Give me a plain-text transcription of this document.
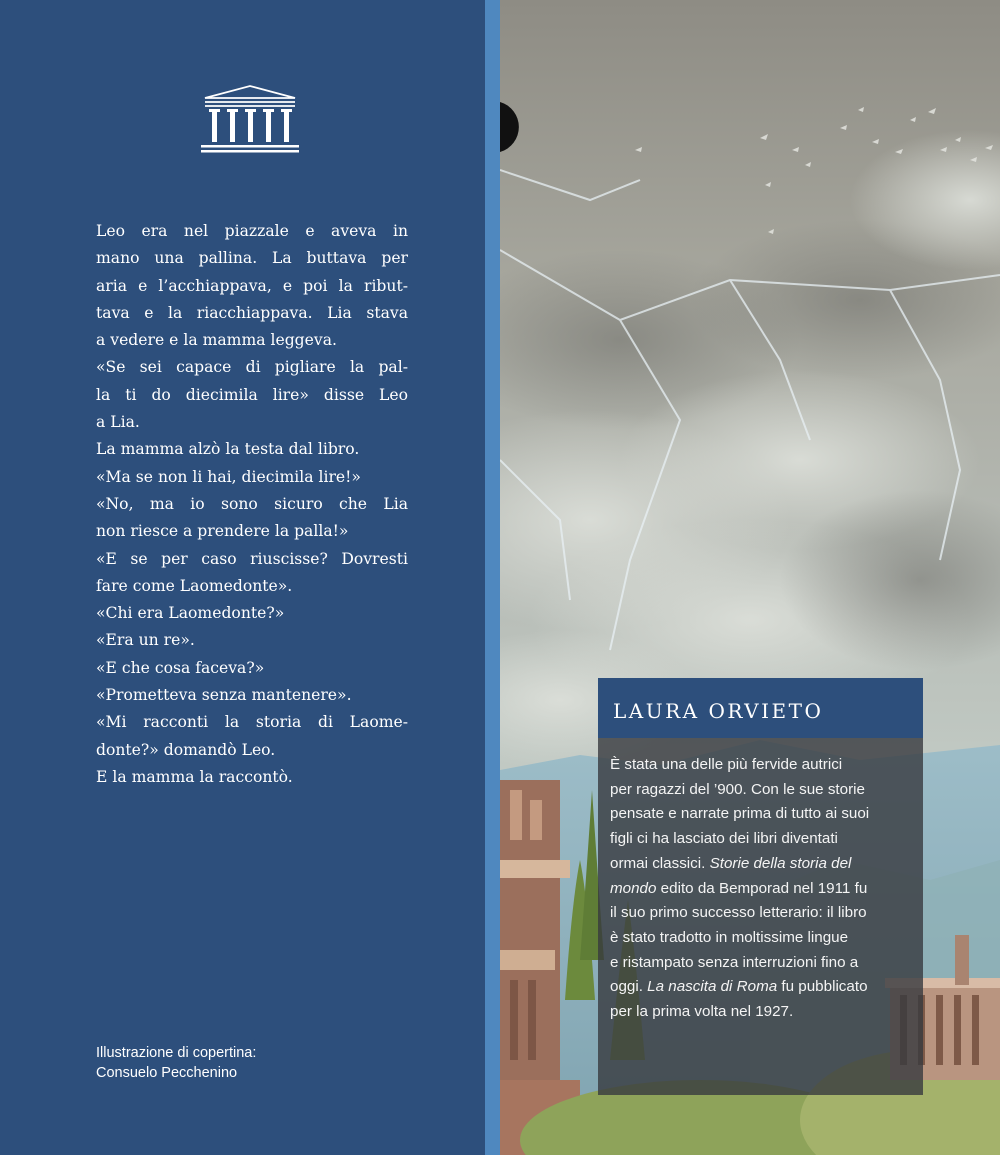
Leo era nel piazzale e aveva in
mano una pallina. La buttava per
aria e l’acchiappava, e poi la ribut-
tava e la riacchiappava. Lia stava
a vedere e la mamma leggeva.
«Se sei capace di pigliare la pal-
la ti do diecimila lire» disse Leo
a Lia.
La mamma alzò la testa dal libro.
«Ma se non li hai, diecimila lire!»
«No, ma io sono sicuro che Lia
non riesce a prendere la palla!»
«E se per caso riuscisse? Dovresti
fare come Laomedonte».
«Chi era Laomedonte?»
«Era un re».
«E che cosa faceva?»
«Prometteva senza mantenere».
«Mi racconti la storia di Laome-
donte?» domandò Leo.
E la mamma la raccontò.
Illustrazione di copertina:
Consuelo Pecchenino
LAURA ORVIETO
È stata una delle più fervide autrici
per ragazzi del ’900. Con le sue storie
pensate e narrate prima di tutto ai suoi
figli ci ha lasciato dei libri diventati
ormai classici. Storie della storia del
mondo edito da Bemporad nel 1911 fu
il suo primo successo letterario: il libro
è stato tradotto in moltissime lingue
e ristampato senza interruzioni fino a
oggi. La nascita di Roma fu pubblicato
per la prima volta nel 1927.
